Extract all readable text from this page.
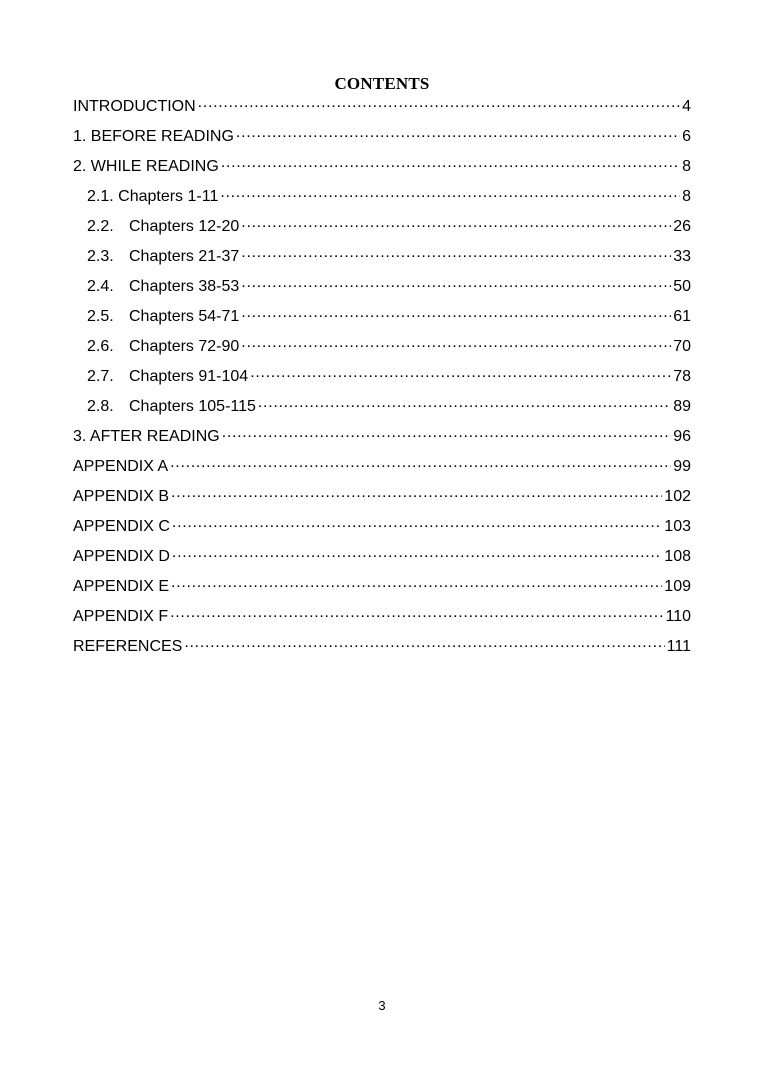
CONTENTS
INTRODUCTION .....	4
1. BEFORE READING .....	6
2. WHILE READING .....	8
2.1. Chapters 1-11 .....	8
2.2. Chapters 12-20 .....	26
2.3. Chapters 21-37 .....	33
2.4. Chapters 38-53 .....	50
2.5. Chapters 54-71 .....	61
2.6. Chapters 72-90 .....	70
2.7. Chapters 91-104 .....	78
2.8. Chapters 105-115 .....	89
3. AFTER READING .....	96
APPENDIX A .....	99
APPENDIX B .....	102
APPENDIX C .....	103
APPENDIX D .....	108
APPENDIX E .....	109
APPENDIX F .....	110
REFERENCES .....	111
3
